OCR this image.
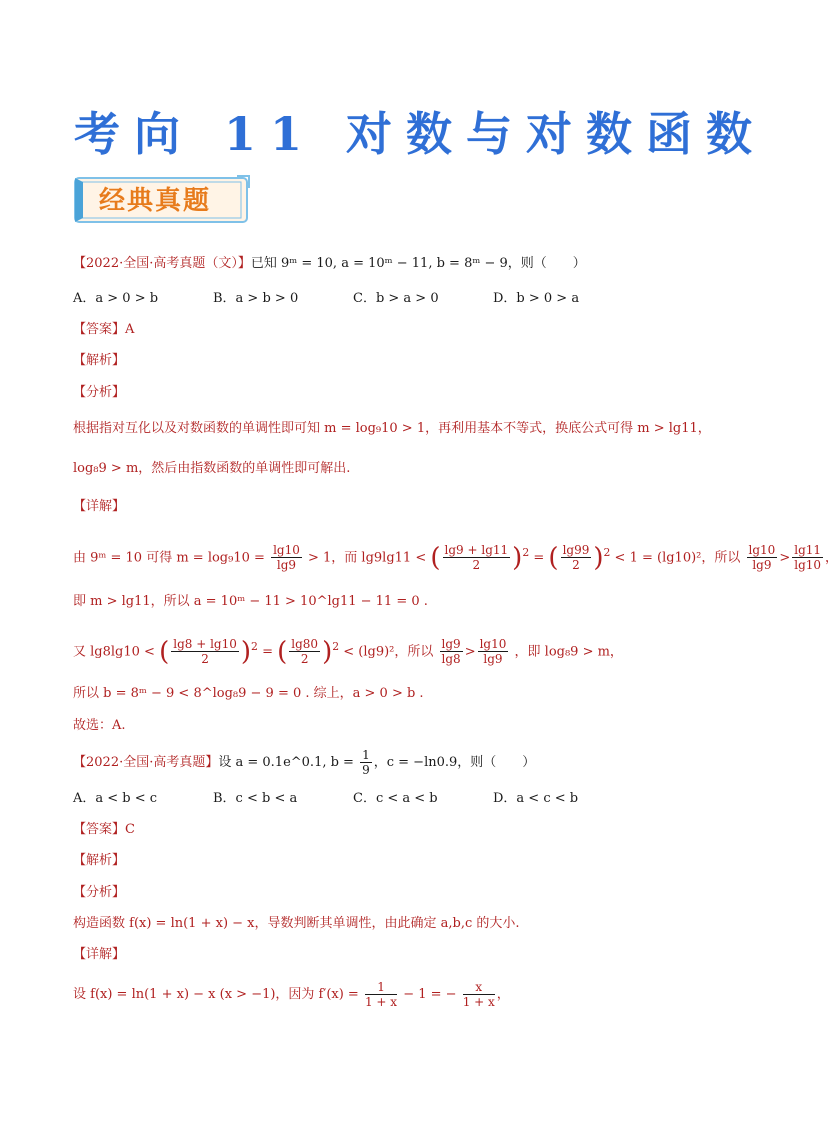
考向 11 对数与对数函数
经典真题
【2022·全国·高考真题（文）】已知 9ᵐ = 10, a = 10ᵐ − 11, b = 8ᵐ − 9，则（　　）
A．a > 0 > b	B．a > b > 0	C．b > a > 0	D．b > 0 > a
【答案】A
【解析】
【分析】
根据指对互化以及对数函数的单调性即可知 m = log₉10 > 1，再利用基本不等式，换底公式可得 m > lg11，
log₈9 > m，然后由指数函数的单调性即可解出.
【详解】
由 9ᵐ = 10 可得 $m = \log_910 = \frac{\lg 10}{\lg 9} > 1$，而 lg9lg11 < ( $\frac{\lg 9 + \lg 11}{2} )^2$ = ( $\frac{\lg 99}{2} )^2 < 1 = (\lg 10)^2$，所以 $\frac{\lg 10}{\lg 9} > \frac{\lg 11}{\lg 10}$ ，
即 m > lg11，所以 a = 10ᵐ − 11 > 10^lg11 − 11 = 0 .
又 lg8lg10 < ( $\frac{\lg 8 + \lg 10}{2} )^2$ = ( $\frac{\lg 80}{2} )^2 < (\lg 9)^2$，所以 $\frac{\lg 9}{\lg 8} > \frac{\lg 10}{\lg 9}$ ，即 log₈9 > m，
所以 b = 8ᵐ − 9 < 8^log₈9 − 9 = 0 . 综上，a > 0 > b .
故选：A.
【2022·全国·高考真题】设 a = 0.1e^0.1, $b = \frac{1}{9}$ ，c = −ln0.9，则（　　）
A．a < b < c	B．c < b < a	C．c < a < b	D．a < c < b
【答案】C
【解析】
【分析】
构造函数 f(x) = ln(1 + x) − x，导数判断其单调性，由此确定 a,b,c 的大小.
【详解】
设 f(x) = ln(1 + x) − x (x > −1)，因为 $f'(x) = \frac{1}{1 + x} - 1$ = − $\frac{x}{1 + x}$ ，
